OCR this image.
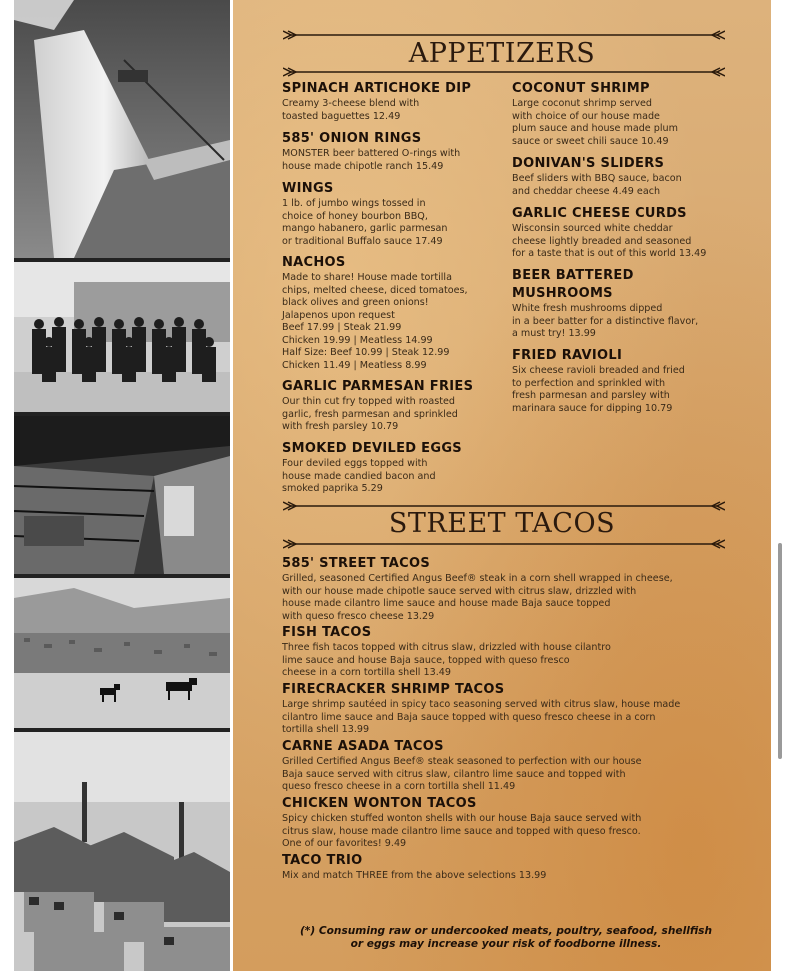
APPETIZERS

SPINACH ARTICHOKE DIP

Creamy 3-cheese blend with
toasted baguettes 12.49

585' ONION RINGS

MONSTER beer battered O-rings with
house made chipotle ranch 15.49

WINGS

1 lb. of jumbo wings tossed in
choice of honey bourbon BBQ,
mango habanero, garlic parmesan
or traditional Buffalo sauce 17.49

NACHOS

Made to share! House made tortilla
chips, melted cheese, diced tomatoes,
black olives and green onions!
Jalapenos upon request
Beef 17.99 | Steak 21.99
Chicken 19.99 | Meatless 14.99
Half Size: Beef 10.99 | Steak 12.99
Chicken 11.49 | Meatless 8.99

GARLIC PARMESAN FRIES

Our thin cut fry topped with roasted
garlic, fresh parmesan and sprinkled
with fresh parsley 10.79

SMOKED DEVILED EGGS

Four deviled eggs topped with
house made candied bacon and
smoked paprika 5.29

COCONUT SHRIMP

Large coconut shrimp served
with choice of our house made
plum sauce and house made plum
sauce or sweet chili sauce 10.49

DONIVAN'S SLIDERS

Beef sliders with BBQ sauce, bacon
and cheddar cheese 4.49 each

GARLIC CHEESE CURDS

Wisconsin sourced white cheddar
cheese lightly breaded and seasoned
for a taste that is out of this world 13.49

BEER BATTERED
MUSHROOMS

White fresh mushrooms dipped
in a beer batter for a distinctive flavor,
a must try! 13.99

FRIED RAVIOLI

Six cheese ravioli breaded and fried
to perfection and sprinkled with
fresh parmesan and parsley with
marinara sauce for dipping 10.79

STREET TACOS

585' STREET TACOS

Grilled, seasoned Certified Angus Beef® steak in a corn shell wrapped in cheese,
with our house made chipotle sauce served with citrus slaw, drizzled with
house made cilantro lime sauce and house made Baja sauce topped
with queso fresco cheese 13.29

FISH TACOS

Three fish tacos topped with citrus slaw, drizzled with house cilantro
lime sauce and house Baja sauce, topped with queso fresco
cheese in a corn tortilla shell 13.49

FIRECRACKER SHRIMP TACOS

Large shrimp sautéed in spicy taco seasoning served with citrus slaw, house made
cilantro lime sauce and Baja sauce topped with queso fresco cheese in a corn
tortilla shell 13.99

CARNE ASADA TACOS

Grilled Certified Angus Beef® steak seasoned to perfection with our house
Baja sauce served with citrus slaw, cilantro lime sauce and topped with
queso fresco cheese in a corn tortilla shell 11.49

CHICKEN WONTON TACOS

Spicy chicken stuffed wonton shells with our house Baja sauce served with
citrus slaw, house made cilantro lime sauce and topped with queso fresco.
One of our favorites! 9.49

TACO TRIO

Mix and match THREE from the above selections 13.99

(*) Consuming raw or undercooked meats, poultry, seafood, shellfish
or eggs may increase your risk of foodborne illness.
